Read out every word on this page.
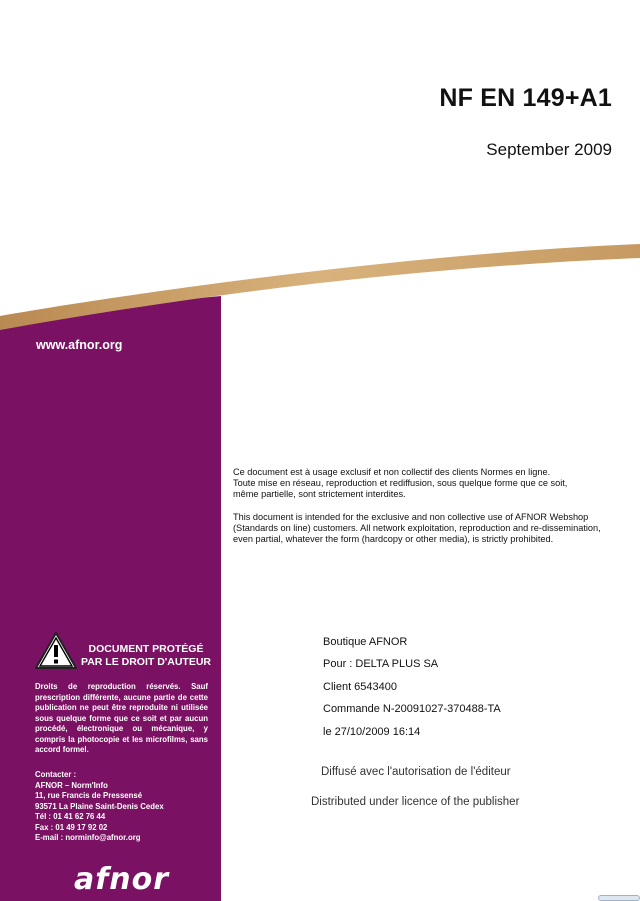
NF EN 149+A1
September 2009
www.afnor.org
DOCUMENT PROTÉGÉ
PAR LE DROIT D'AUTEUR

Droits de reproduction réservés. Sauf prescription différente, aucune partie de cette publication ne peut être reproduite ni utilisée sous quelque forme que ce soit et par aucun procédé, électronique ou mécanique, y compris la photocopie et les microfilms, sans accord formel.

Contacter :
AFNOR – Norm'Info
11, rue Francis de Pressensé
93571 La Plaine Saint-Denis Cedex
Tél : 01 41 62 76 44
Fax : 01 49 17 92 02
E-mail : norminfo@afnor.org
afnor

Ce document est à usage exclusif et non collectif des clients Normes en ligne.

Toute mise en réseau, reproduction et rediffusion, sous quelque forme que ce soit,

même partielle, sont strictement interdites.

This document is intended for the exclusive and non collective use of AFNOR Webshop

(Standards on line) customers. All network exploitation, reproduction and re-dissemination,

even partial, whatever the form (hardcopy or other media), is strictly prohibited.

Boutique AFNOR
Pour : DELTA PLUS SA
Client 6543400
Commande N-20091027-370488-TA
le 27/10/2009 16:14
Diffusé avec l'autorisation de l'éditeur
Distributed under licence of the publisher
